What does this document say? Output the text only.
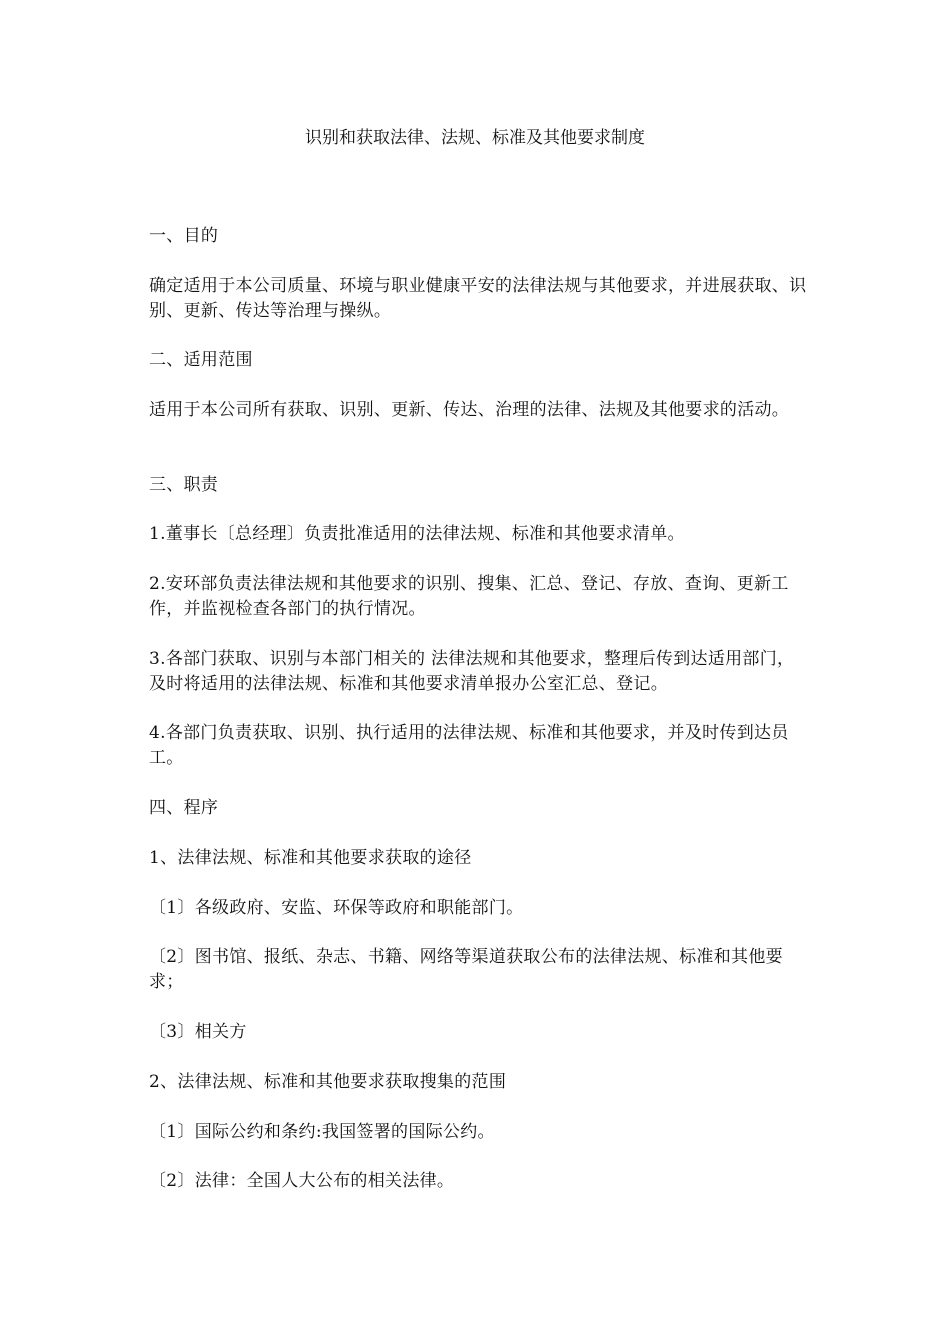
识别和获取法律、法规、标准及其他要求制度

一、目的

确定适用于本公司质量、环境与职业健康平安的法律法规与其他要求，并进展获取、识别、更新、传达等治理与操纵。

二、适用范围

适用于本公司所有获取、识别、更新、传达、治理的法律、法规及其他要求的活动。

三、职责

1.董事长〔总经理〕负责批准适用的法律法规、标准和其他要求清单。

2.安环部负责法律法规和其他要求的识别、搜集、汇总、登记、存放、查询、更新工作，并监视检查各部门的执行情况。

3.各部门获取、识别与本部门相关的 法律法规和其他要求，整理后传到达适用部门，及时将适用的法律法规、标准和其他要求清单报办公室汇总、登记。

4.各部门负责获取、识别、执行适用的法律法规、标准和其他要求，并及时传到达员工。

四、程序

1、法律法规、标准和其他要求获取的途径

〔1〕各级政府、安监、环保等政府和职能部门。

〔2〕图书馆、报纸、杂志、书籍、网络等渠道获取公布的法律法规、标准和其他要求；

〔3〕相关方

2、法律法规、标准和其他要求获取搜集的范围

〔1〕国际公约和条约:我国签署的国际公约。

〔2〕法律：全国人大公布的相关法律。
